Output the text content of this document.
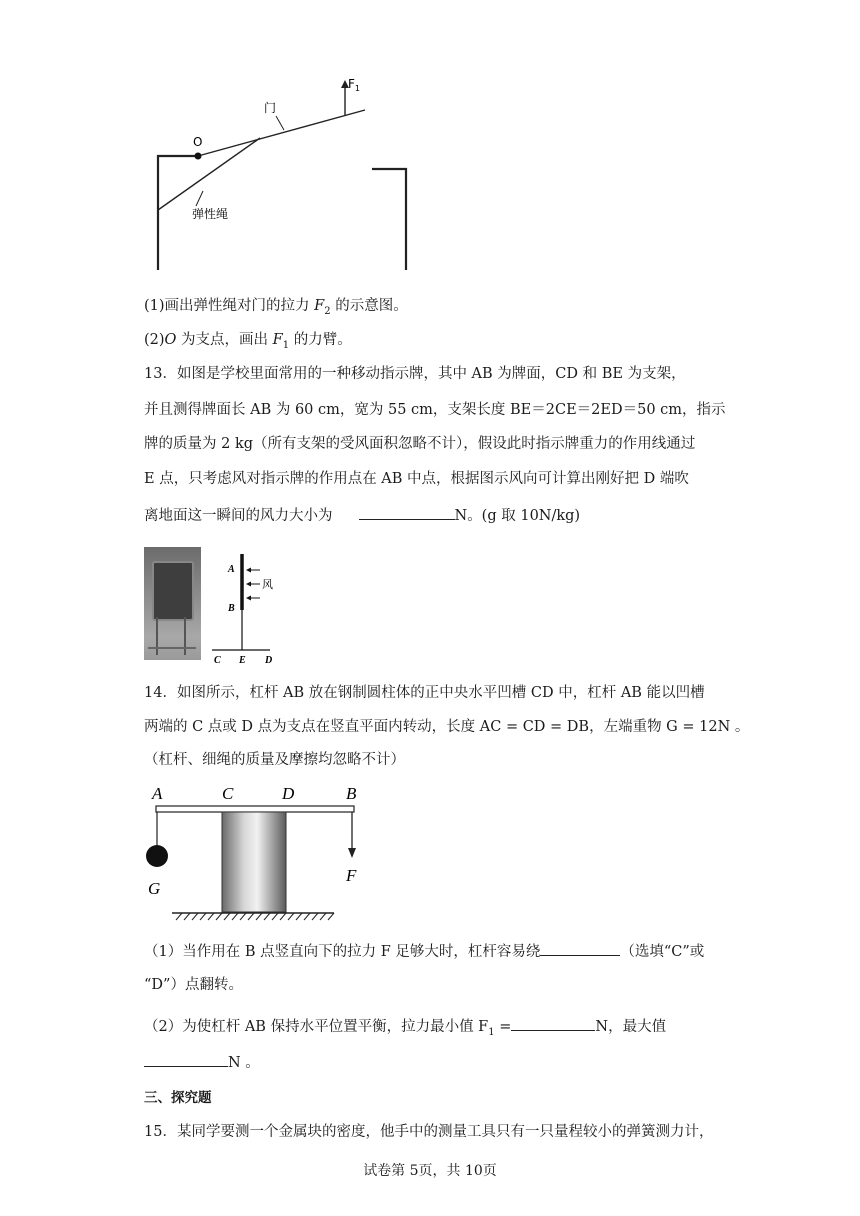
O
$F_1$
门
弹性绳
(1)画出弹性绳对门的拉力 $F_2$ 的示意图。
(2)O 为支点，画出 $F_1$ 的力臂。
13．如图是学校里面常用的一种移动指示牌，其中 AB 为牌面，CD 和 BE 为支架，
并且测得牌面长 AB 为 60 cm，宽为 55 cm，支架长度 BE＝2CE＝2ED＝50 cm，指示
牌的质量为 2 kg（所有支架的受风面积忽略不计），假设此时指示牌重力的作用线通过
E 点，只考虑风对指示牌的作用点在 AB 中点，根据图示风向可计算出刚好把 D 端吹
离地面这一瞬间的风力大小为	N。(g 取 10N/kg)
A
B
风
C E D
14．如图所示，杠杆 AB 放在钢制圆柱体的正中央水平凹槽 CD 中，杠杆 AB 能以凹槽
两端的 C 点或 D 点为支点在竖直平面内转动，长度 AC = CD = DB，左端重物 G = 12N 。
（杠杆、细绳的质量及摩擦均忽略不计）
A	C	D	B
G
F
（1）当作用在 B 点竖直向下的拉力 F 足够大时，杠杆容易绕	（选填“C”或
“D”）点翻转。
（2）为使杠杆 AB 保持水平位置平衡，拉力最小值 $F_1$ =	N，最大值
N 。
三、探究题
15．某同学要测一个金属块的密度，他手中的测量工具只有一只量程较小的弹簧测力计，
试卷第 5页，共 10页
